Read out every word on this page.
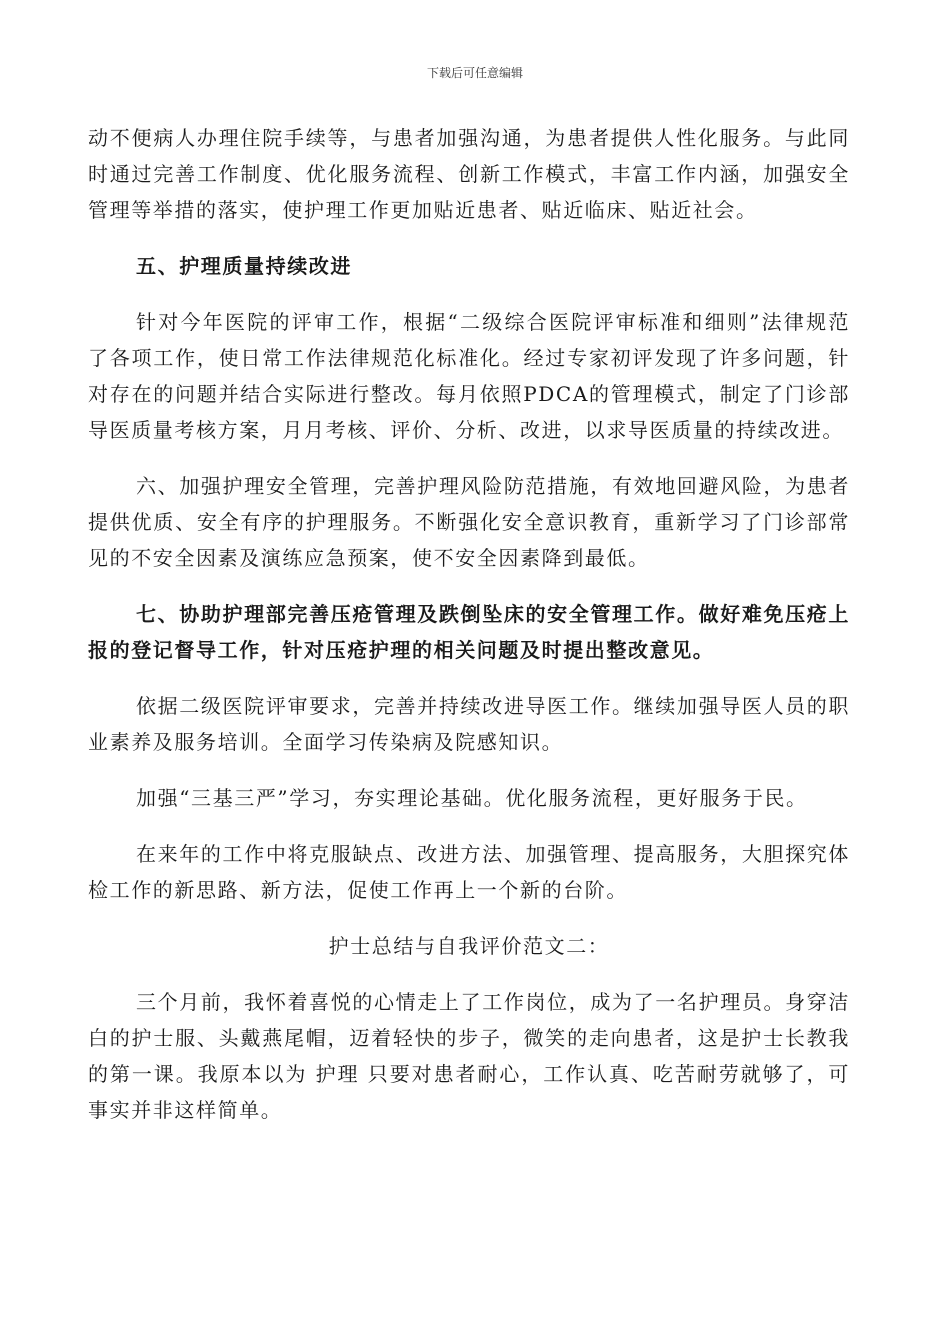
下载后可任意编辑

动不便病人办理住院手续等，与患者加强沟通，为患者提供人性化服务。与此同时通过完善工作制度、优化服务流程、创新工作模式，丰富工作内涵，加强安全管理等举措的落实，使护理工作更加贴近患者、贴近临床、贴近社会。

五、护理质量持续改进

针对今年医院的评审工作，根据“二级综合医院评审标准和细则”法律规范了各项工作，使日常工作法律规范化标准化。经过专家初评发现了许多问题，针对存在的问题并结合实际进行整改。每月依照PDCA的管理模式，制定了门诊部导医质量考核方案，月月考核、评价、分析、改进，以求导医质量的持续改进。

六、加强护理安全管理，完善护理风险防范措施，有效地回避风险，为患者提供优质、安全有序的护理服务。不断强化安全意识教育，重新学习了门诊部常见的不安全因素及演练应急预案，使不安全因素降到最低。

七、协助护理部完善压疮管理及跌倒坠床的安全管理工作。做好难免压疮上报的登记督导工作，针对压疮护理的相关问题及时提出整改意见。

依据二级医院评审要求，完善并持续改进导医工作。继续加强导医人员的职业素养及服务培训。全面学习传染病及院感知识。

加强“三基三严”学习，夯实理论基础。优化服务流程，更好服务于民。

在来年的工作中将克服缺点、改进方法、加强管理、提高服务，大胆探究体检工作的新思路、新方法，促使工作再上一个新的台阶。

护士总结与自我评价范文二：

三个月前，我怀着喜悦的心情走上了工作岗位，成为了一名护理员。身穿洁白的护士服、头戴燕尾帽，迈着轻快的步子，微笑的走向患者，这是护士长教我的第一课。我原本以为 护理 只要对患者耐心，工作认真、吃苦耐劳就够了，可事实并非这样简单。
